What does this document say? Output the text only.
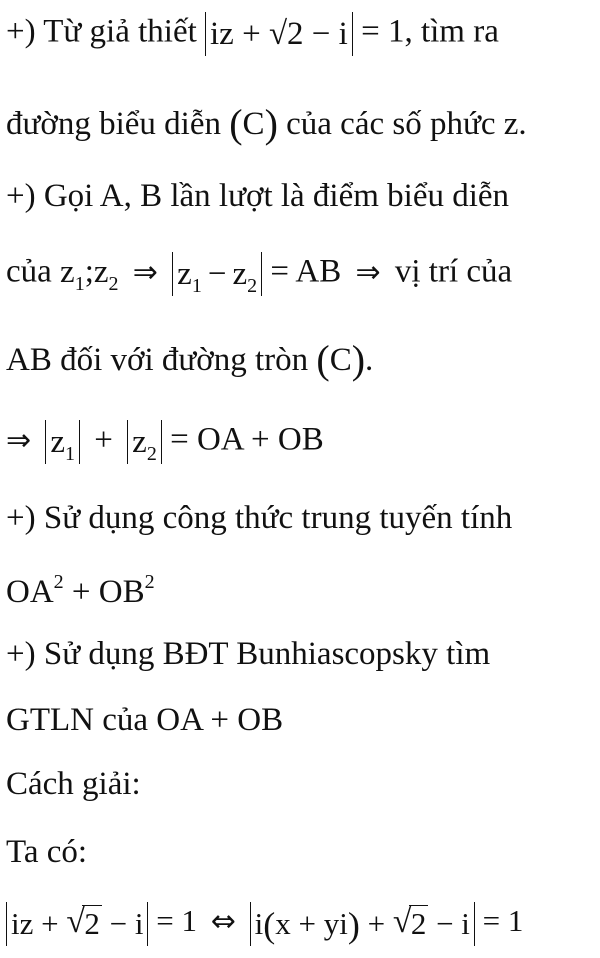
+) Từ giả thiết iz + √2 − i = 1, tìm ra
đường biểu diễn (C) của các số phức z.
+) Gọi A, B lần lượt là điểm biểu diễn
của $z_1;z_2$ ⇒ $z_1 - z_2$ = AB ⇒ vị trí của
AB đối với đường tròn (C).
⇒ $z_1 + z_2$ = OA + OB
+) Sử dụng công thức trung tuyến tính
$OA^2 + OB^2$
+) Sử dụng BĐT Bunhiascopsky tìm
GTLN của OA + OB
Cách giải:
Ta có:
iz + √ 2 − i = 1 ⇔ i(x + yi) + √ 2 − i = 1
